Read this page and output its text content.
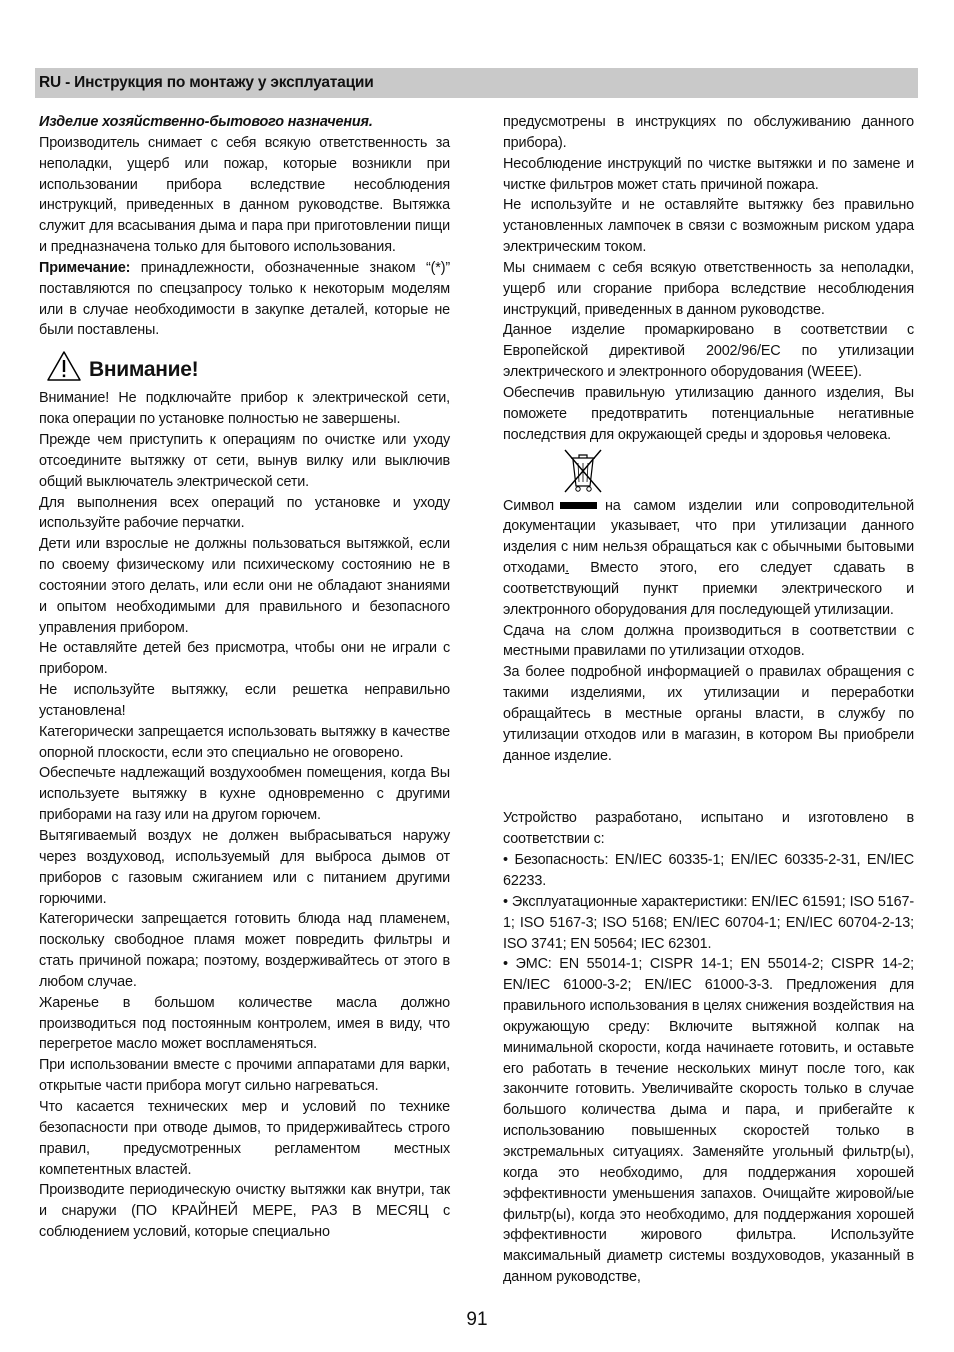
RU - Инструкция по монтажу у эксплуатации

Изделие хозяйственно-бытового назначения.

Производитель снимает с себя всякую ответственность за неполадки, ущерб или пожар, которые возникли при использовании прибора вследствие несоблюдения инструкций, приведенных в данном руководстве. Вытяжка служит для всасывания дыма и пара при приготовлении пищи и предназначена только для бытового использования.

Примечание: принадлежности, обозначенные знаком “(*)” поставляются по спецзапросу только к некоторым моделям или в случае необходимости в закупке деталей, которые не были поставлены.

Внимание!

Внимание! Не подключайте прибор к электрической сети, пока операции по установке полностью не завершены.

Прежде чем приступить к операциям по очистке или уходу отсоедините вытяжку от сети, вынув вилку или выключив общий выключатель электрической сети.

Для выполнения всех операций по установке и уходу используйте рабочие перчатки.

Дети или взрослые не должны пользоваться вытяжкой, если по своему физическому или психическому состоянию не в состоянии этого делать, или если они не обладают знаниями и опытом необходимыми для правильного и безопасного управления прибором.

Не оставляйте детей без присмотра, чтобы они не играли с прибором.

Не используйте вытяжку, если решетка неправильно установлена!

Категорически запрещается использовать вытяжку в качестве опорной плоскости, если это специально не оговорено.

Обеспечьте надлежащий воздухообмен помещения, когда Вы используете вытяжку в кухне одновременно с другими приборами на газу или на другом горючем.

Вытягиваемый воздух не должен выбрасываться наружу через воздуховод, используемый для выброса дымов от приборов с газовым сжиганием или с питанием другими горючими.

Категорически запрещается готовить блюда над пламенем, поскольку свободное пламя может повредить фильтры и стать причиной пожара; поэтому, воздерживайтесь от этого в любом случае.

Жаренье в большом количестве масла должно производиться под постоянным контролем, имея в виду, что перегретое масло может воспламеняться.

При использовании вместе с прочими аппаратами для варки, открытые части прибора могут сильно нагреваться.

Что касается технических мер и условий по технике безопасности при отводе дымов, то придерживайтесь строго правил, предусмотренных регламентом местных компетентных властей.

Производите периодическую очистку вытяжки как внутри, так и снаружи (ПО КРАЙНЕЙ МЕРЕ, РАЗ В МЕСЯЦ с соблюдением условий, которые специально

предусмотрены в инструкциях по обслуживанию данного прибора).

Несоблюдение инструкций по чистке вытяжки и по замене и чистке фильтров может стать причиной пожара.

Не используйте и не оставляйте вытяжку без правильно установленных лампочек в связи с возможным риском удара электрическим током.

Мы снимаем с себя всякую ответственность за неполадки, ущерб или сгорание прибора вследствие несоблюдения инструкций, приведенных в данном руководстве.

Данное изделие промаркировано в соответствии с Европейской директивой 2002/96/EC по утилизации электрического и электронного оборудования (WEEE).

Обеспечив правильную утилизацию данного изделия, Вы поможете предотвратить потенциальные негативные последствия для окружающей среды и здоровья человека.

Символ	на самом изделии или сопроводительной документации указывает, что при утилизации данного изделия с ним нельзя обращаться как с обычными бытовыми отходами. Вместо этого, его следует сдавать в соответствующий пункт приемки электрического и электронного оборудования для последующей утилизации.

Сдача на слом должна производиться в соответствии с местными правилами по утилизации отходов.

За более подробной информацией о правилах обращения с такими изделиями, их утилизации и переработки обращайтесь в местные органы власти, в службу по утилизации отходов или в магазин, в котором Вы приобрели данное изделие.

Устройство разработано, испытано и изготовлено в соответствии с:

• Безопасность: EN/IEC 60335-1; EN/IEC 60335-2-31, EN/IEC 62233.

• Эксплуатационные характеристики: EN/IEC 61591; ISO 5167-1; ISO 5167-3; ISO 5168; EN/IEC 60704-1; EN/IEC 60704-2-13; ISO 3741; EN 50564; IEC 62301.

• ЭМС: EN 55014-1; CISPR 14-1; EN 55014-2; CISPR 14-2; EN/IEC 61000-3-2; EN/IEC 61000-3-3. Предложения для правильного использования в целях снижения воздействия на окружающую среду: Включите вытяжной колпак на минимальной скорости, когда начинаете готовить, и оставьте его работать в течение нескольких минут после того, как закончите готовить. Увеличивайте скорость только в случае большого количества дыма и пара, и прибегайте к использованию повышенных скоростей только в экстремальных ситуациях. Заменяйте угольный фильтр(ы), когда это необходимо, для поддержания хорошей эффективности уменьшения запахов. Очищайте жировой/ые фильтр(ы), когда это необходимо, для поддержания хорошей эффективности жирового фильтра. Используйте максимальный диаметр системы воздуховодов, указанный в данном руководстве,

91
